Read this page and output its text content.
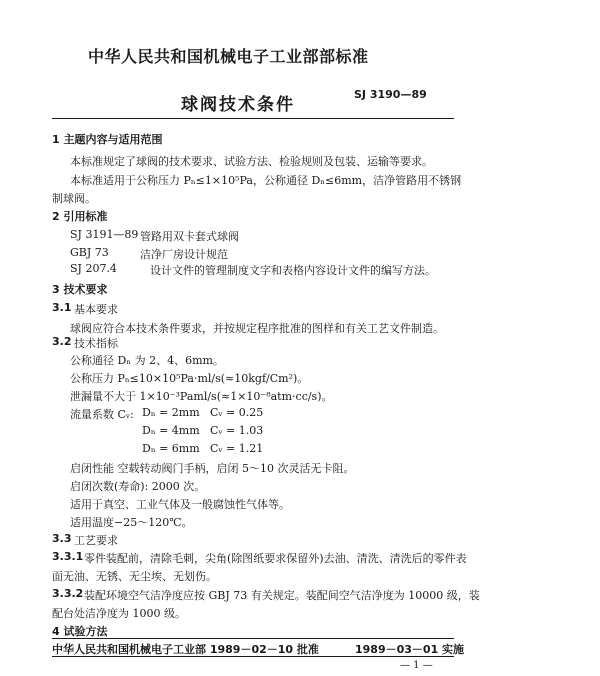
中华人民共和国机械电子工业部部标准
SJ 3190—89
球阀技术条件
1 主题内容与适用范围
本标准规定了球阀的技术要求、试验方法、检验规则及包装、运输等要求。
本标准适用于公称压力 Pₙ≤1×10⁵Pa，公称通径 Dₙ≤6mm，洁净管路用不锈钢
制球阀。
2 引用标准
SJ 3191—89 管路用双卡套式球阀
GBJ 73	洁净厂房设计规范
SJ 207.4	设计文件的管理制度文字和表格内容设计文件的编写方法。
3 技术要求
3.1 基本要求
球阀应符合本技术条件要求，并按规定程序批准的图样和有关工艺文件制造。
3.2 技术指标
公称通径 Dₙ 为 2、4、6mm。
公称压力 Pₙ≤10×10⁵Pa·ml/s(≈10kgf/Cm²)。
泄漏量不大于 1×10⁻³Paml/s(≈1×10⁻⁸atm·cc/s)。
流量系数 Cᵥ: Dₙ = 2mm Cᵥ = 0.25
Dₙ = 4mm Cᵥ = 1.03
Dₙ = 6mm Cᵥ = 1.21
启闭性能 空载转动阀门手柄，启闭 5～10 次灵活无卡阻。
启闭次数(寿命): 2000 次。
适用于真空、工业气体及一般腐蚀性气体等。
适用温度−25～120℃。
3.3 工艺要求
3.3.1 零件装配前，清除毛刺，尖角(除图纸要求保留外)去油、清洗、清洗后的零件表
面无油、无锈、无尘埃、无划伤。
3.3.2 装配环境空气洁净度应按 GBJ 73 有关规定。装配间空气洁净度为 10000 级，装
配台处洁净度为 1000 级。
4 试验方法
中华人民共和国机械电子工业部 1989－02－10 批准	1989－03－01 实施
— 1 —
